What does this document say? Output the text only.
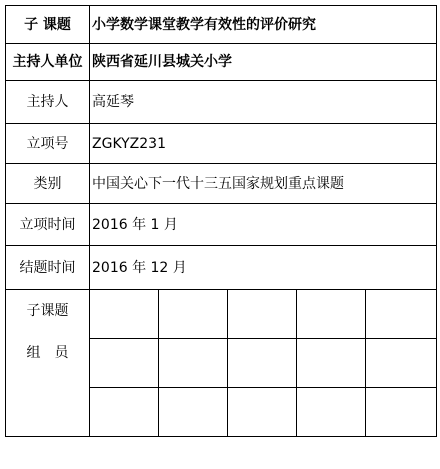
子 课题	小学数学课堂教学有效性的评价研究				
主持人单位	陕西省延川县城关小学				
主持人	高延琴				
立项号	ZGKYZ231				
类别	中国关心下一代十三五国家规划重点课题				
立项时间	2016 年 1 月				
结题时间	2016 年 12 月				

子课题
组　员					
